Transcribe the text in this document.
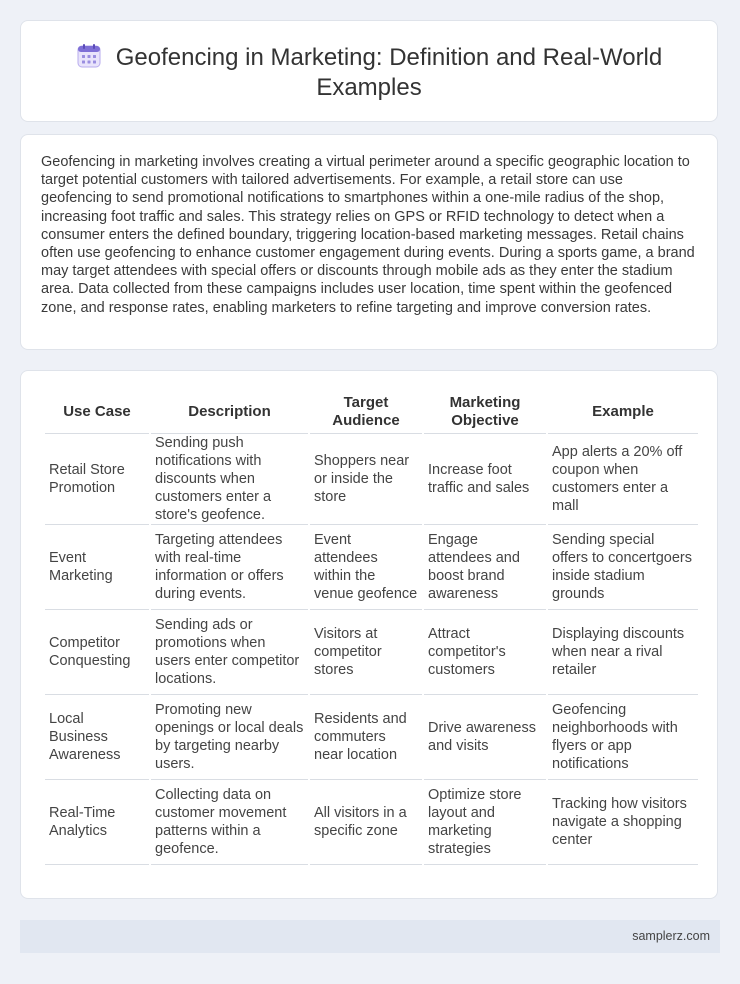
Geofencing in Marketing: Definition and Real-World Examples
Geofencing in marketing involves creating a virtual perimeter around a specific geographic location to target potential customers with tailored advertisements. For example, a retail store can use geofencing to send promotional notifications to smartphones within a one-mile radius of the shop, increasing foot traffic and sales. This strategy relies on GPS or RFID technology to detect when a consumer enters the defined boundary, triggering location-based marketing messages. Retail chains often use geofencing to enhance customer engagement during events. During a sports game, a brand may target attendees with special offers or discounts through mobile ads as they enter the stadium area. Data collected from these campaigns includes user location, time spent within the geofenced zone, and response rates, enabling marketers to refine targeting and improve conversion rates.
Use Case	Description	Target Audience	Marketing Objective	Example
Retail Store Promotion	Sending push notifications with discounts when customers enter a store's geofence.	Shoppers near or inside the store	Increase foot traffic and sales	App alerts a 20% off coupon when customers enter a mall
Event Marketing	Targeting attendees with real-time information or offers during events.	Event attendees within the venue geofence	Engage attendees and boost brand awareness	Sending special offers to concertgoers inside stadium grounds
Competitor Conquesting	Sending ads or promotions when users enter competitor locations.	Visitors at competitor stores	Attract competitor's customers	Displaying discounts when near a rival retailer
Local Business Awareness	Promoting new openings or local deals by targeting nearby users.	Residents and commuters near location	Drive awareness and visits	Geofencing neighborhoods with flyers or app notifications
Real-Time Analytics	Collecting data on customer movement patterns within a geofence.	All visitors in a specific zone	Optimize store layout and marketing strategies	Tracking how visitors navigate a shopping center
samplerz.com
